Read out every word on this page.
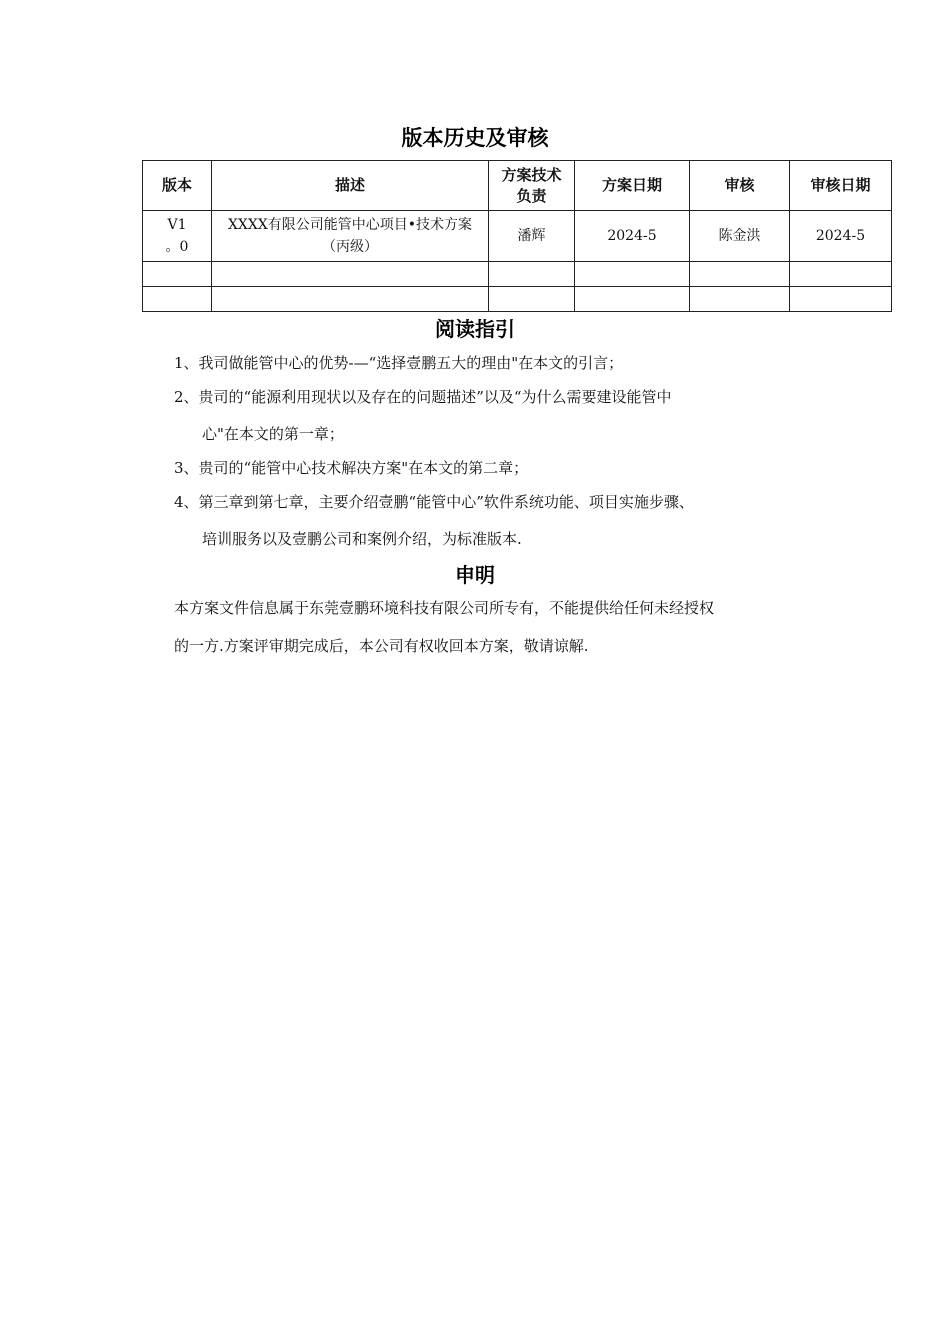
版本历史及审核
版本	描述	方案技术负责	方案日期	审核	审核日期

V1
。0	XXXX有限公司能管中心项目•技术方案（丙级）	潘辉	2024-5	陈金洪	2024-5

阅读指引

1、我司做能管中心的优势-—“选择壹鹏五大的理由"在本文的引言；

2、贵司的“能源利用现状以及存在的问题描述”以及“为什么需要建设能管中

心"在本文的第一章；

3、贵司的“能管中心技术解决方案"在本文的第二章；

4、第三章到第七章，主要介绍壹鹏“能管中心”软件系统功能、项目实施步骤、

培训服务以及壹鹏公司和案例介绍，为标准版本.

申明

本方案文件信息属于东莞壹鹏环境科技有限公司所专有，不能提供给任何未经授权

的一方.方案评审期完成后，本公司有权收回本方案，敬请谅解.
